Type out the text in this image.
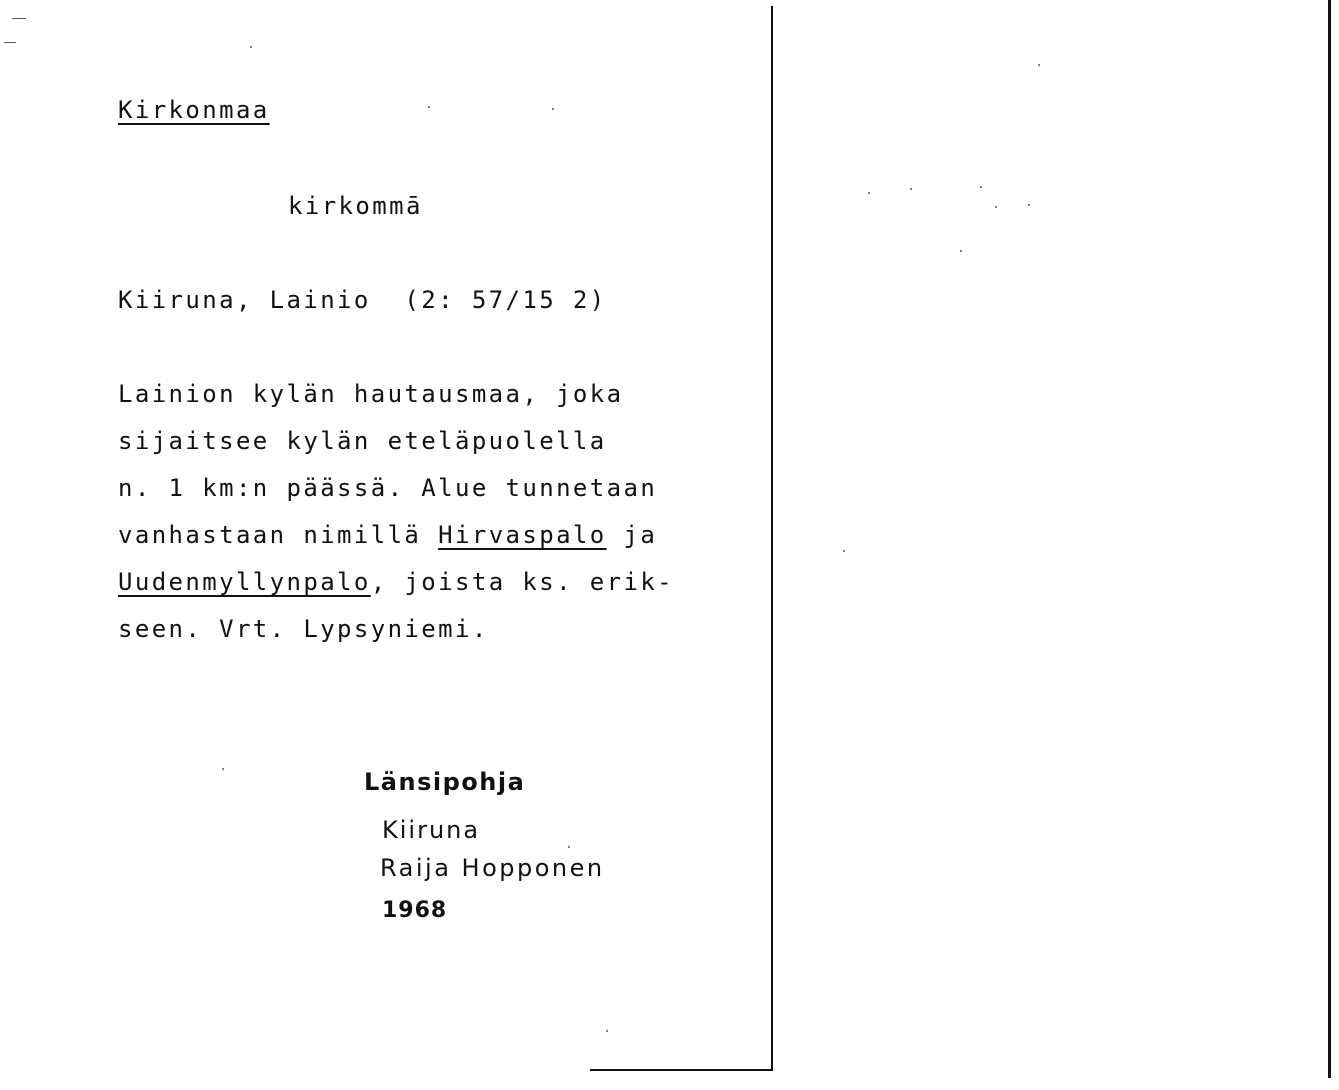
Kirkonmaa
kirkommā
Kiiruna, Lainio  (2: 57/15 2)
Lainion kylän hautausmaa, joka
sijaitsee kylän eteläpuolella
n. 1 km:n päässä. Alue tunnetaan
vanhastaan nimillä Hirvaspalo ja
Uudenmyllynpalo, joista ks. erik-
seen. Vrt. Lypsyniemi.
Länsipohja
Kiiruna
Raija Hopponen
1968
